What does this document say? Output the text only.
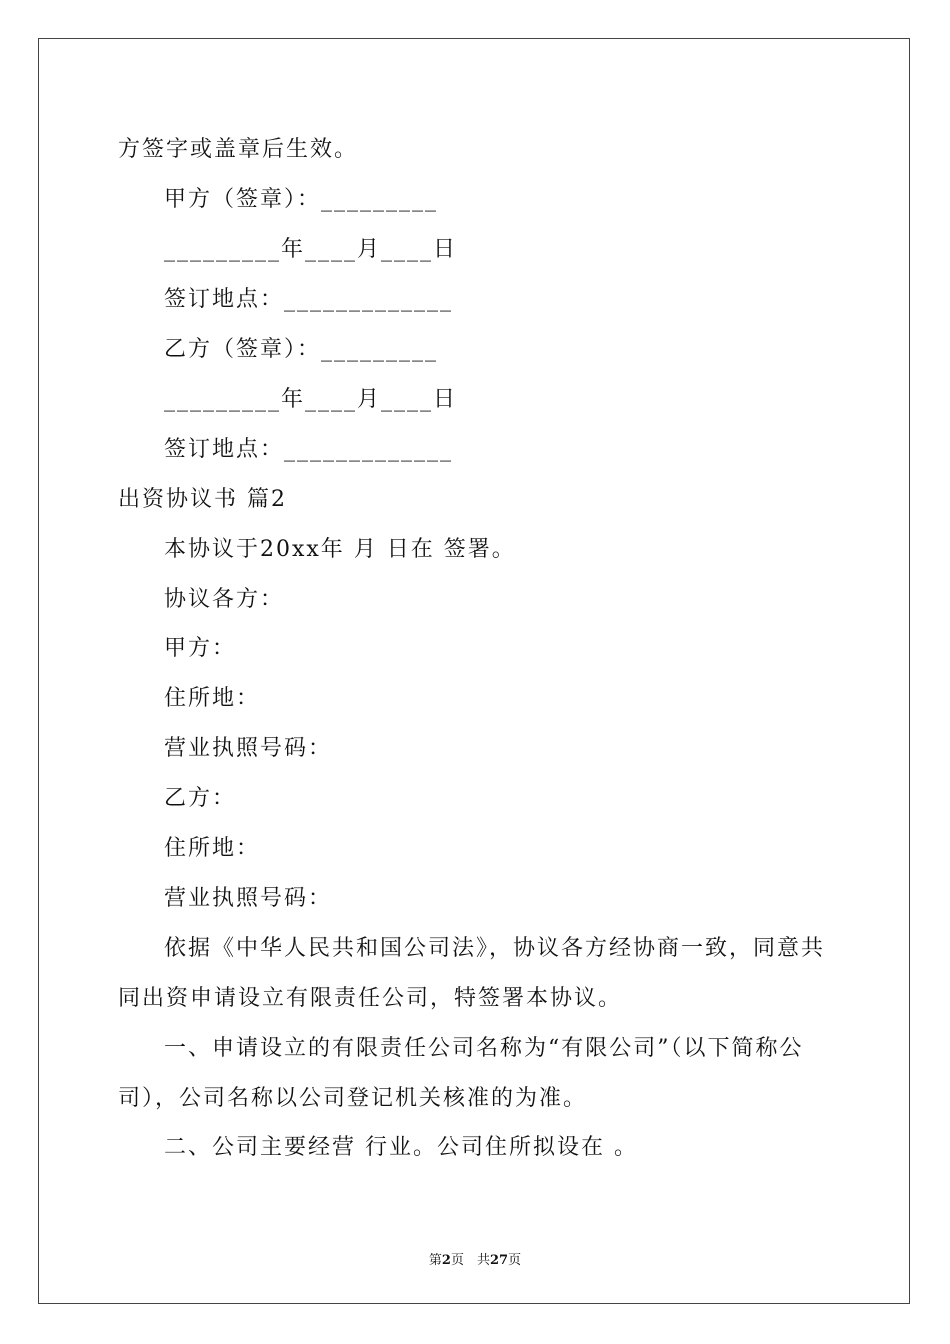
方签字或盖章后生效。
甲方（签章）：_________
_________年____月____日
签订地点：_____________
乙方（签章）：_________
_________年____月____日
签订地点：_____________
出资协议书 篇2
本协议于20xx年 月 日在 签署。
协议各方：
甲方：
住所地：
营业执照号码：
乙方：
住所地：
营业执照号码：
依据《中华人民共和国公司法》，协议各方经协商一致，同意共
同出资申请设立有限责任公司，特签署本协议。
一、申请设立的有限责任公司名称为“有限公司”（以下简称公
司），公司名称以公司登记机关核准的为准。
二、公司主要经营 行业。公司住所拟设在 。
第2页　共27页
